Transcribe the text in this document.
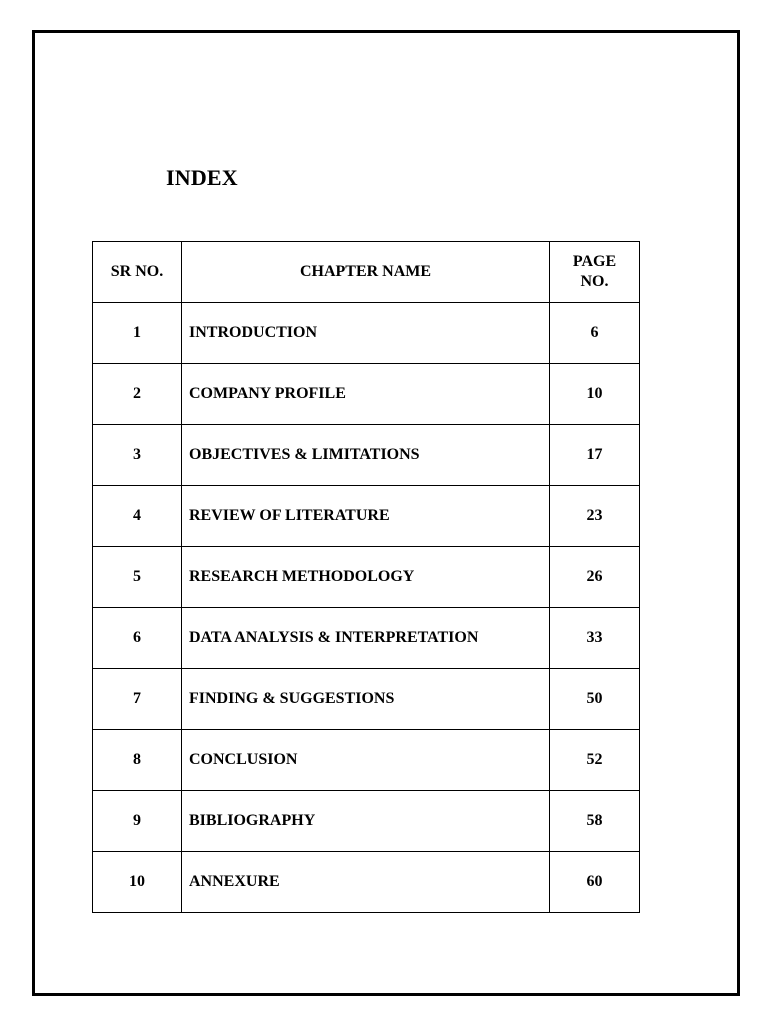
INDEX
SR NO.	CHAPTER NAME	PAGE
NO.
1	INTRODUCTION	6
2	COMPANY PROFILE	10
3	OBJECTIVES & LIMITATIONS	17
4	REVIEW OF LITERATURE	23
5	RESEARCH METHODOLOGY	26
6	DATA ANALYSIS & INTERPRETATION	33
7	FINDING & SUGGESTIONS	50
8	CONCLUSION	52
9	BIBLIOGRAPHY	58
10	ANNEXURE	60
